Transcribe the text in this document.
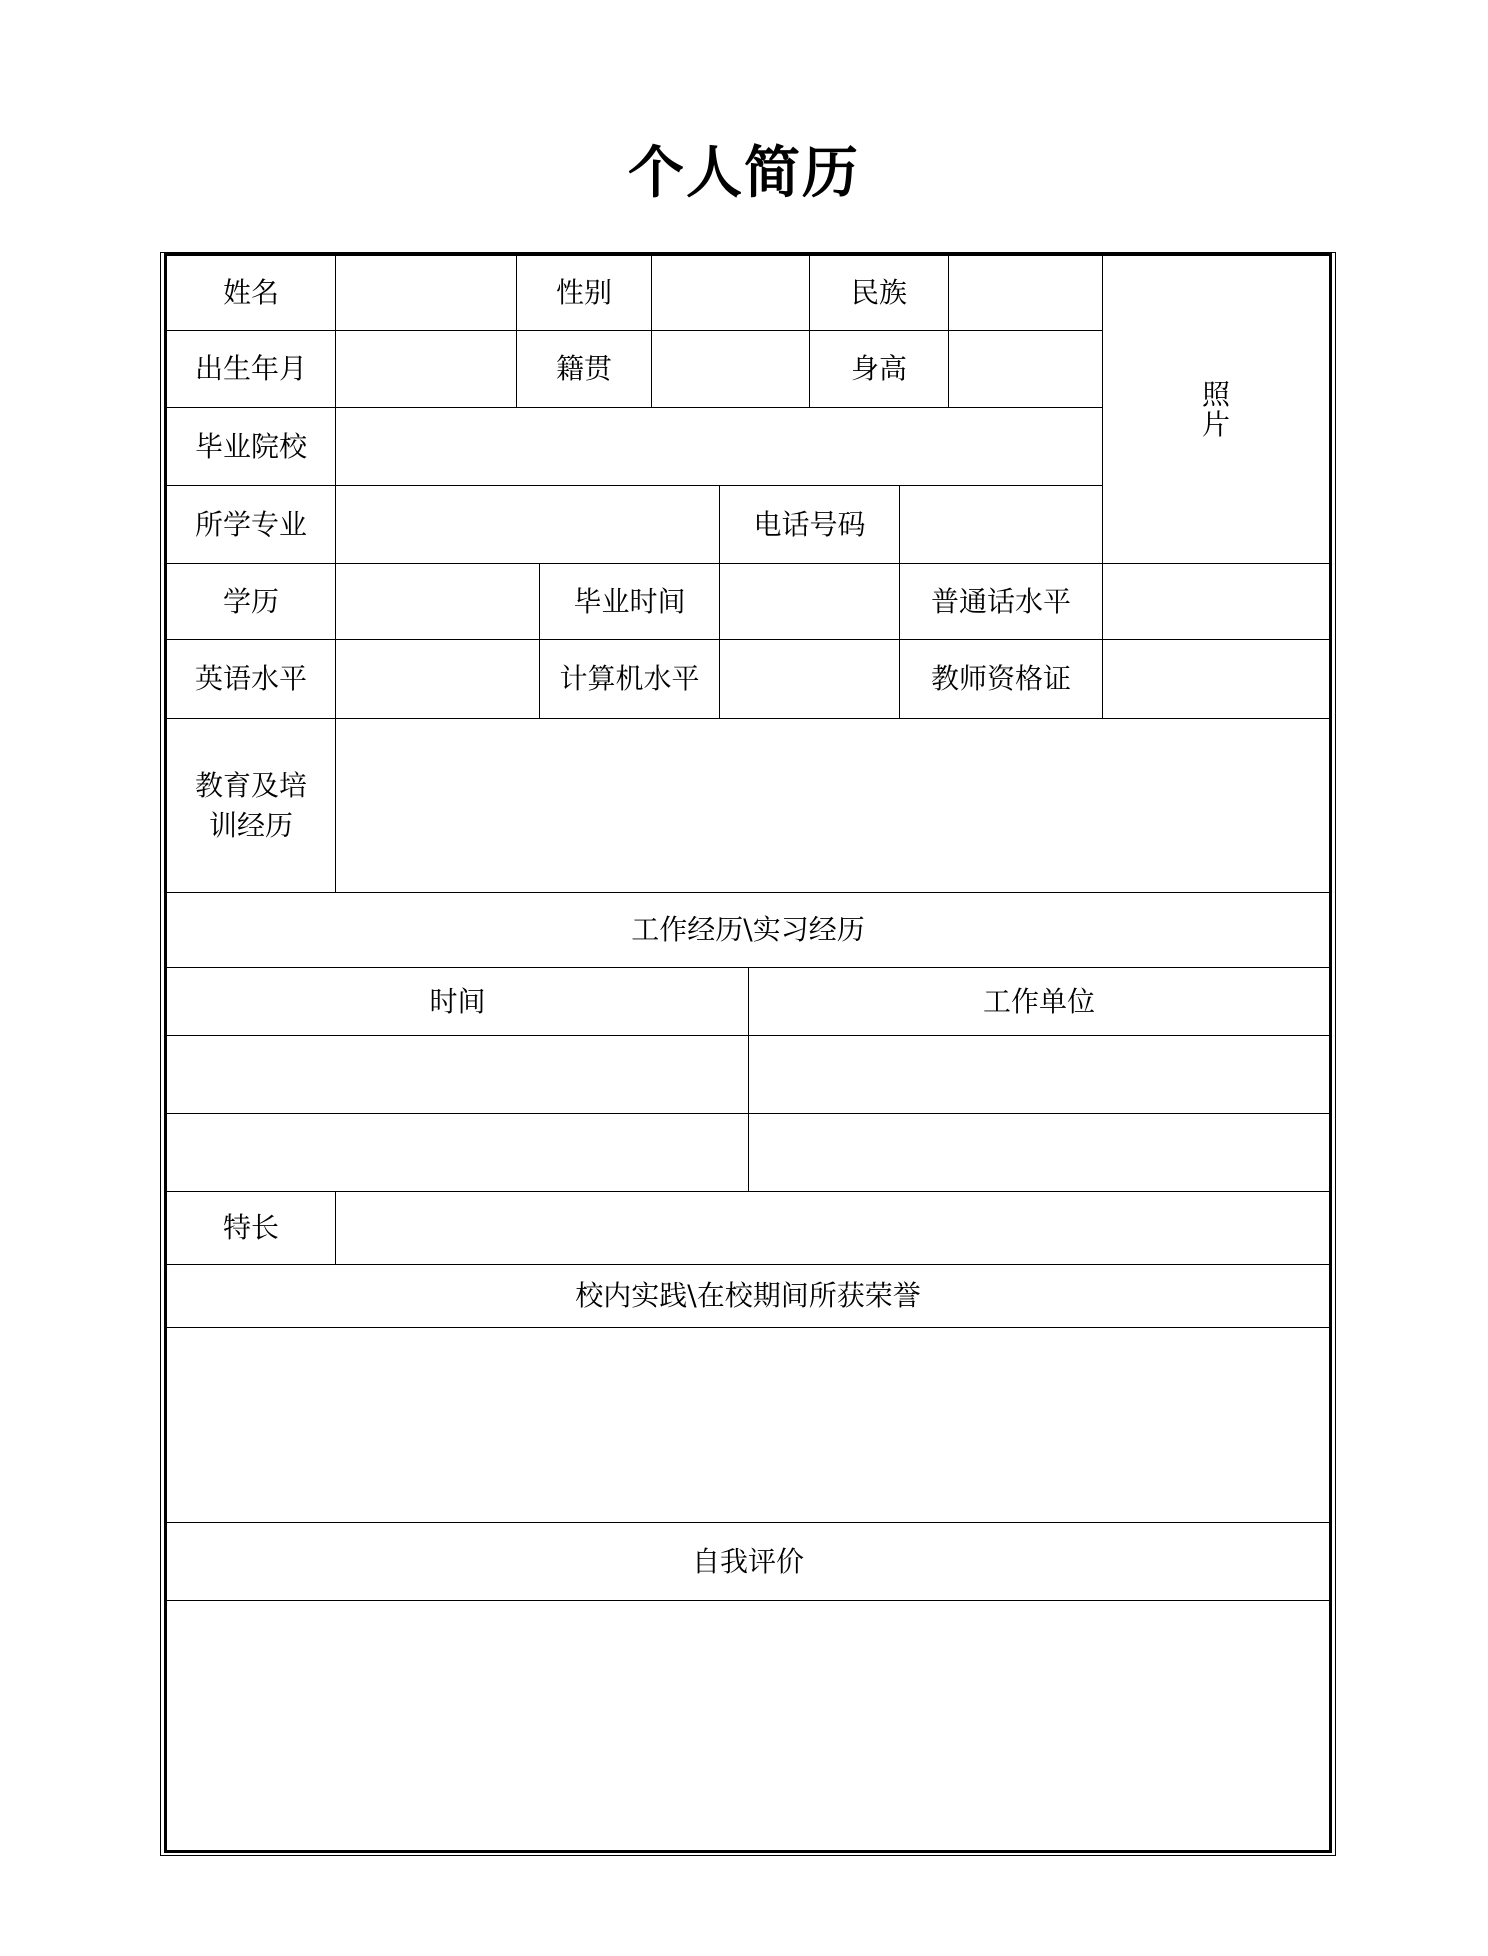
个人简历
姓名	性别	民族
照片
出生年月	籍贯	身高
毕业院校
所学专业	电话号码
学历	毕业时间	普通话水平
英语水平	计算机水平	教师资格证
教育及培训经历
工作经历\实习经历
时间	工作单位
特长
校内实践\在校期间所获荣誉
自我评价
